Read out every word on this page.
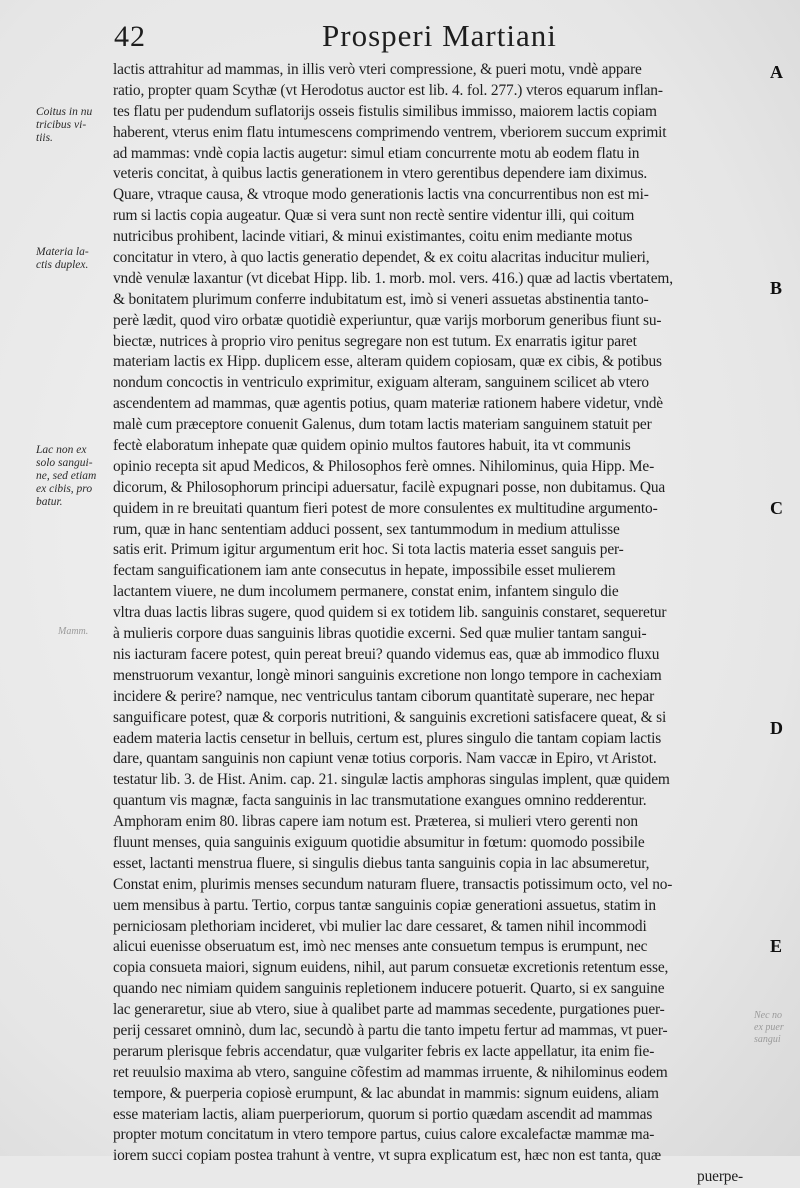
42	Prosperi Martiani
Coitus in nu
tricibus vi-
tiis.
Materia la-
ctis duplex.
Lac non ex
solo sangui-
ne, sed etiam
ex cibis, pro
batur.
Mamm.
Nec no
ex puer
sangui
A
B
C
D
E
lactis attrahitur ad mammas, in illis verò vteri compressione, & pueri motu, vndè appare
ratio, propter quam Scythæ (vt Herodotus auctor est lib. 4. fol. 277.) vteros equarum inflan-
tes flatu per pudendum suflatorijs osseis fistulis similibus immisso, maiorem lactis copiam
haberent, vterus enim flatu intumescens comprimendo ventrem, vberiorem succum exprimit
ad mammas: vndè copia lactis augetur: simul etiam concurrente motu ab eodem flatu in
veteris concitat, à quibus lactis generationem in vtero gerentibus dependere iam diximus.
Quare, vtraque causa, & vtroque modo generationis lactis vna concurrentibus non est mi-
rum si lactis copia augeatur. Quæ si vera sunt non rectè sentire videntur illi, qui coitum
nutricibus prohibent, lacinde vitiari, & minui existimantes, coitu enim mediante motus
concitatur in vtero, à quo lactis generatio dependet, & ex coitu alacritas inducitur mulieri,
vndè venulæ laxantur (vt dicebat Hipp. lib. 1. morb. mol. vers. 416.) quæ ad lactis vbertatem,
& bonitatem plurimum conferre indubitatum est, imò si veneri assuetas abstinentia tanto-
perè lædit, quod viro orbatæ quotidiè experiuntur, quæ varijs morborum generibus fiunt su-
biectæ, nutrices à proprio viro penitus segregare non est tutum. Ex enarratis igitur paret
materiam lactis ex Hipp. duplicem esse, alteram quidem copiosam, quæ ex cibis, & potibus
nondum concoctis in ventriculo exprimitur, exiguam alteram, sanguinem scilicet ab vtero
ascendentem ad mammas, quæ agentis potius, quam materiæ rationem habere videtur, vndè
malè cum præceptore conuenit Galenus, dum totam lactis materiam sanguinem statuit per
fectè elaboratum inhepate quæ quidem opinio multos fautores habuit, ita vt communis
opinio recepta sit apud Medicos, & Philosophos ferè omnes. Nihilominus, quia Hipp. Me-
dicorum, & Philosophorum principi aduersatur, facilè expugnari posse, non dubitamus. Qua
quidem in re breuitati quantum fieri potest de more consulentes ex multitudine argumento-
rum, quæ in hanc sententiam adduci possent, sex tantummodum in medium attulisse
satis erit. Primum igitur argumentum erit hoc. Si tota lactis materia esset sanguis per-
fectam sanguificationem iam ante consecutus in hepate, impossibile esset mulierem
lactantem viuere, ne dum incolumem permanere, constat enim, infantem singulo die
vltra duas lactis libras sugere, quod quidem si ex totidem lib. sanguinis constaret, sequeretur
à mulieris corpore duas sanguinis libras quotidie excerni. Sed quæ mulier tantam sangui-
nis iacturam facere potest, quin pereat breui? quando videmus eas, quæ ab immodico fluxu
menstruorum vexantur, longè minori sanguinis excretione non longo tempore in cachexiam
incidere & perire? namque, nec ventriculus tantam ciborum quantitatè superare, nec hepar
sanguificare potest, quæ & corporis nutritioni, & sanguinis excretioni satisfacere queat, & si
eadem materia lactis censetur in belluis, certum est, plures singulo die tantam copiam lactis
dare, quantam sanguinis non capiunt venæ totius corporis. Nam vaccæ in Epiro, vt Aristot.
testatur lib. 3. de Hist. Anim. cap. 21. singulæ lactis amphoras singulas implent, quæ quidem
quantum vis magnæ, facta sanguinis in lac transmutatione exangues omnino redderentur.
Amphoram enim 80. libras capere iam notum est. Præterea, si mulieri vtero gerenti non
fluunt menses, quia sanguinis exiguum quotidie absumitur in fœtum: quomodo possibile
esset, lactanti menstrua fluere, si singulis diebus tanta sanguinis copia in lac absumeretur,
Constat enim, plurimis menses secundum naturam fluere, transactis potissimum octo, vel no-
uem mensibus à partu. Tertio, corpus tantæ sanguinis copiæ generationi assuetus, statim in
perniciosam plethoriam incideret, vbi mulier lac dare cessaret, & tamen nihil incommodi
alicui euenisse obseruatum est, imò nec menses ante consuetum tempus is erumpunt, nec
copia consueta maiori, signum euidens, nihil, aut parum consuetæ excretionis retentum esse,
quando nec nimiam quidem sanguinis repletionem inducere potuerit. Quarto, si ex sanguine
lac generaretur, siue ab vtero, siue à qualibet parte ad mammas secedente, purgationes puer-
perij cessaret omninò, dum lac, secundò à partu die tanto impetu fertur ad mammas, vt puer-
perarum plerisque febris accendatur, quæ vulgariter febris ex lacte appellatur, ita enim fie-
ret reuulsio maxima ab vtero, sanguine cõfestim ad mammas irruente, & nihilominus eodem
tempore, & puerperia copiosè erumpunt, & lac abundat in mammis: signum euidens, aliam
esse materiam lactis, aliam puerperiorum, quorum si portio quædam ascendit ad mammas
propter motum concitatum in vtero tempore partus, cuius calore excalefactæ mammæ ma-
iorem succi copiam postea trahunt à ventre, vt supra explicatum est, hæc non est tanta, quæ
puerpe-
